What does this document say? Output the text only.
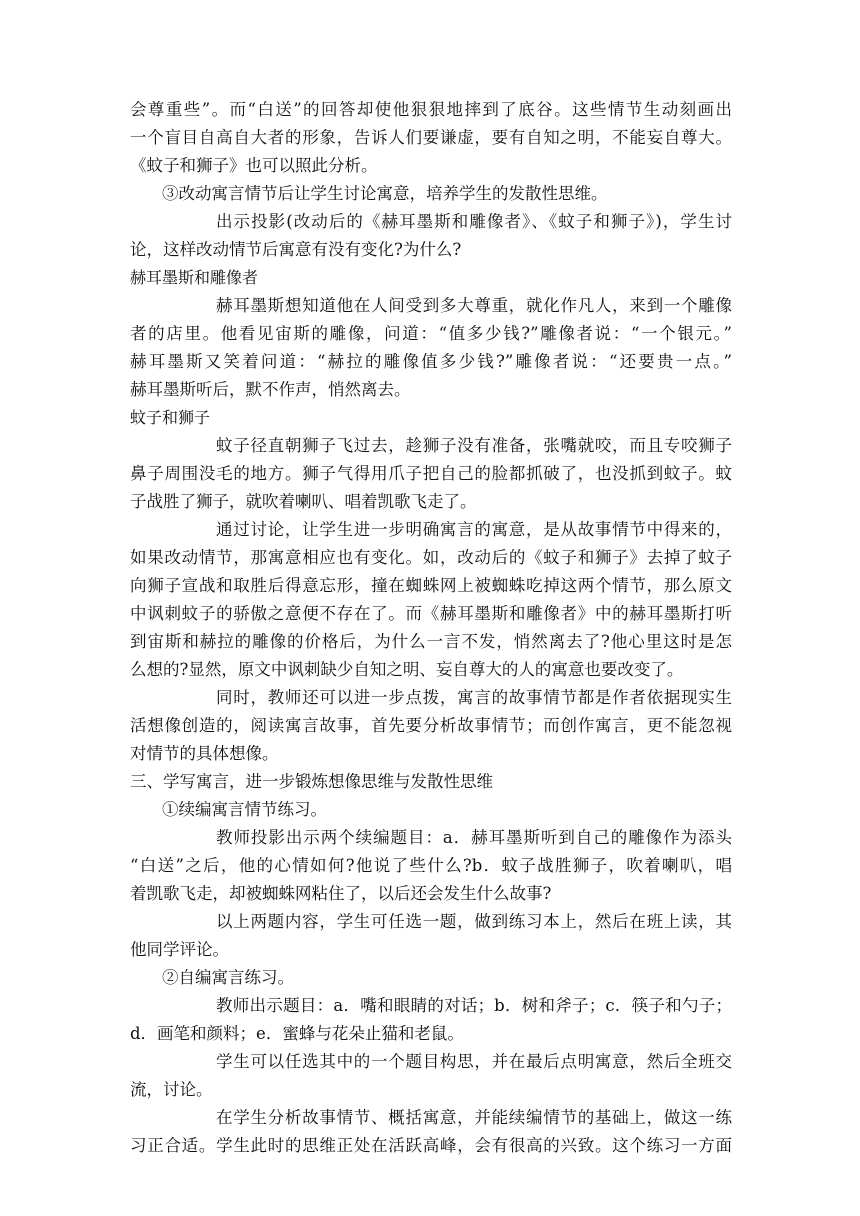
会尊重些”。而“白送”的回答却使他狠狠地摔到了底谷。这些情节生动刻画出
一个盲目自高自大者的形象，告诉人们要谦虚，要有自知之明，不能妄自尊大。
《蚊子和狮子》也可以照此分析。
③改动寓言情节后让学生讨论寓意，培养学生的发散性思维。
出示投影(改动后的《赫耳墨斯和雕像者》、《蚊子和狮子》)，学生讨
论，这样改动情节后寓意有没有变化?为什么?
赫耳墨斯和雕像者
赫耳墨斯想知道他在人间受到多大尊重，就化作凡人，来到一个雕像
者的店里。他看见宙斯的雕像，问道：“值多少钱?”雕像者说：“一个银元。”
赫耳墨斯又笑着问道：“赫拉的雕像值多少钱?”雕像者说：“还要贵一点。”
赫耳墨斯听后，默不作声，悄然离去。
蚊子和狮子
蚊子径直朝狮子飞过去，趁狮子没有准备，张嘴就咬，而且专咬狮子
鼻子周围没毛的地方。狮子气得用爪子把自己的脸都抓破了，也没抓到蚊子。蚊
子战胜了狮子，就吹着喇叭、唱着凯歌飞走了。
通过讨论，让学生进一步明确寓言的寓意，是从故事情节中得来的，
如果改动情节，那寓意相应也有变化。如，改动后的《蚊子和狮子》去掉了蚊子
向狮子宣战和取胜后得意忘形，撞在蜘蛛网上被蜘蛛吃掉这两个情节，那么原文
中讽刺蚊子的骄傲之意便不存在了。而《赫耳墨斯和雕像者》中的赫耳墨斯打听
到宙斯和赫拉的雕像的价格后，为什么一言不发，悄然离去了?他心里这时是怎
么想的?显然，原文中讽刺缺少自知之明、妄自尊大的人的寓意也要改变了。
同时，教师还可以进一步点拨，寓言的故事情节都是作者依据现实生
活想像创造的，阅读寓言故事，首先要分析故事情节；而创作寓言，更不能忽视
对情节的具体想像。
三、学写寓言，进一步锻炼想像思维与发散性思维
①续编寓言情节练习。
教师投影出示两个续编题目：a．赫耳墨斯听到自己的雕像作为添头
“白送”之后，他的心情如何?他说了些什么?b．蚊子战胜狮子，吹着喇叭，唱
着凯歌飞走，却被蜘蛛网粘住了，以后还会发生什么故事?
以上两题内容，学生可任选一题，做到练习本上，然后在班上读，其
他同学评论。
②自编寓言练习。
教师出示题目：a．嘴和眼睛的对话；b．树和斧子；c．筷子和勺子；
d．画笔和颜料；e．蜜蜂与花朵止猫和老鼠。
学生可以任选其中的一个题目构思，并在最后点明寓意，然后全班交
流，讨论。
在学生分析故事情节、概括寓意，并能续编情节的基础上，做这一练
习正合适。学生此时的思维正处在活跃高峰，会有很高的兴致。这个练习一方面
